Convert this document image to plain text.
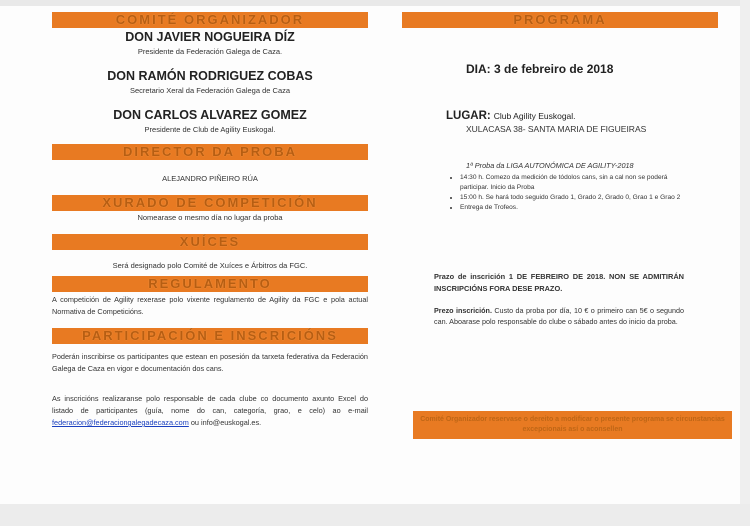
COMITÉ ORGANIZADOR
DON JAVIER NOGUEIRA DÍZ
Presidente da Federación Galega de Caza.
DON RAMÓN RODRIGUEZ COBAS
Secretario Xeral da Federación Galega de Caza
DON CARLOS ALVAREZ GOMEZ
Presidente de Club de Agility Euskogal.
DIRECTOR DA PROBA
ALEJANDRO PIÑEIRO RÚA
XURADO DE COMPETICIÓN
Nomearase o mesmo día no lugar da proba
XUÍCES
Será designado polo Comité de Xuíces e Árbitros da FGC.
REGULAMENTO
A competición de Agility rexerase polo vixente regulamento de Agility da FGC e pola actual Normativa de Competicións.
PARTICIPACIÓN E INSCRICIÓNS
Poderán inscribirse os participantes que estean en posesión da tarxeta federativa da Federación Galega de Caza en vigor e documentación dos cans.
As inscricións realizaranse polo responsable de cada clube co documento axunto Excel do listado de participantes (guía, nome do can, categoría, grao, e celo) ao e-mail federacion@federaciongalegadecaza.com ou info@euskogal.es.
PROGRAMA
DIA: 3 de febreiro de 2018
LUGAR: Club Agility Euskogal.
XULACASA 38- SANTA MARIA DE FIGUEIRAS
1ª Proba da LIGA AUTONÓMICA DE AGILITY-2018
• 14:30 h. Comezo da medición de tódolos cans, sin a cal non se poderá participar. Inicio da Proba
• 15:00 h. Se hará todo seguido Grado 1, Grado 2, Grado 0, Grao 1 e Grao 2
• Entrega de Trofeos.
Prazo de inscrición 1 DE FEBREIRO DE 2018. NON SE ADMITIRÁN INSCRIPCIÓNS FORA DESE PRAZO.
Prezo inscrición. Custo da proba por día, 10 € o primeiro can 5€ o segundo can. Aboarase polo responsable do clube o sábado antes do inicio da proba.
Comité Organizador reservase o dereito a modificar o presente programa se circunstancias excepcionais así o aconsellen
